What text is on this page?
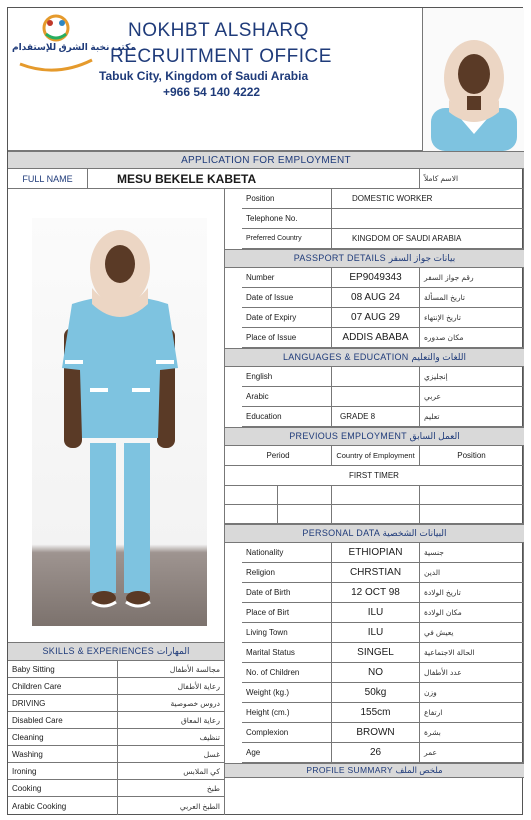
مكتب نخبة الشرق للإستقدام
NOKHBT ALSHARQ
RECRUITMENT OFFICE
Tabuk City, Kingdom of Saudi Arabia
+966 54 140 4222
APPLICATION FOR EMPLOYMENT
FULL NAME	MESU BEKELE KABETA	الاسم كاملاً
Position	DOMESTIC WORKER
Telephone No.
Preferred Country	KINGDOM OF SAUDI ARABIA
PASSPORT DETAILS بيانات جواز السفر
Number	EP9049343	رقم جواز السفر
Date of Issue	08 AUG 24	تاريخ المسألة
Date of Expiry	07 AUG 29	تاريخ الإنتهاء
Place of Issue	ADDIS ABABA	مكان صدوره
LANGUAGES & EDUCATION اللغات والتعليم
English	إنجليزي
Arabic	عربي
Education	GRADE 8	تعليم
PREVIOUS EMPLOYMENT العمل السابق
Period	Country of Employment	Position
FIRST TIMER
PERSONAL DATA البيانات الشخصية
Nationality	ETHIOPIAN	جنسية
Religion	CHRSTIAN	الدين
Date of Birth	12 OCT 98	تاريخ الولادة
Place of Birt	ILU	مكان الولادة
Living Town	ILU	يعيش في
Marital Status	SINGEL	الحالة الاجتماعية
No. of Children	NO	عدد الأطفال
Weight (kg.)	50kg	وزن
Height (cm.)	155cm	ارتفاع
Complexion	BROWN	بشرة
Age	26	عمر
SKILLS & EXPERIENCES المهارات
Baby Sitting	مجالسة الأطفال
Children Care	رعاية الأطفال
DRIVING	دروس خصوصية
Disabled Care	رعاية المعاق
Cleaning	تنظيف
Washing	غسل
Ironing	كي الملابس
Cooking	طبخ
Arabic Cooking	الطبخ العربي
PROFILE SUMMARY ملخص الملف
